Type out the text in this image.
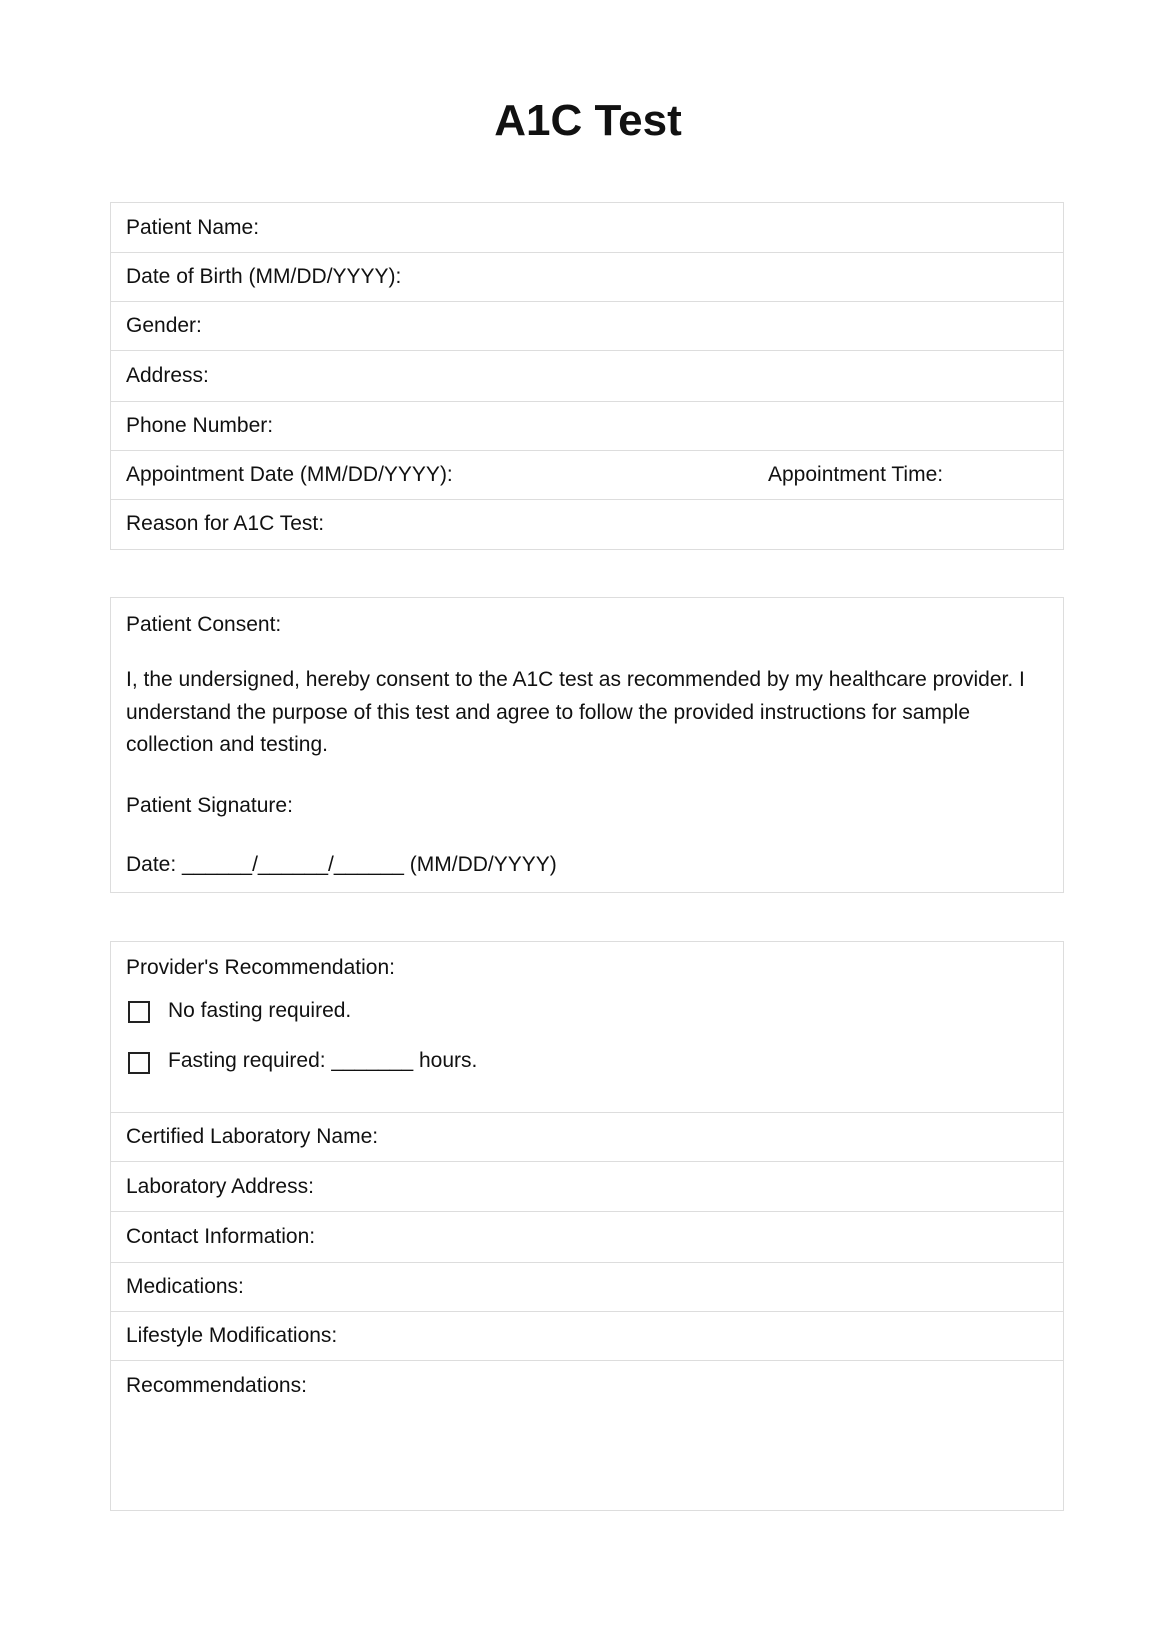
A1C Test
Patient Name:
Date of Birth (MM/DD/YYYY):
Gender:
Address:
Phone Number:
Appointment Date (MM/DD/YYYY):	Appointment Time:
Reason for A1C Test:

Patient Consent:

I, the undersigned, hereby consent to the A1C test as recommended by my healthcare provider. I understand the purpose of this test and agree to follow the provided instructions for sample collection and testing.

Patient Signature:

Date: ______/______/______ (MM/DD/YYYY)

Provider's Recommendation:
No fasting required.
Fasting required: _______ hours.
Certified Laboratory Name:
Laboratory Address:
Contact Information:
Medications:
Lifestyle Modifications:
Recommendations:
